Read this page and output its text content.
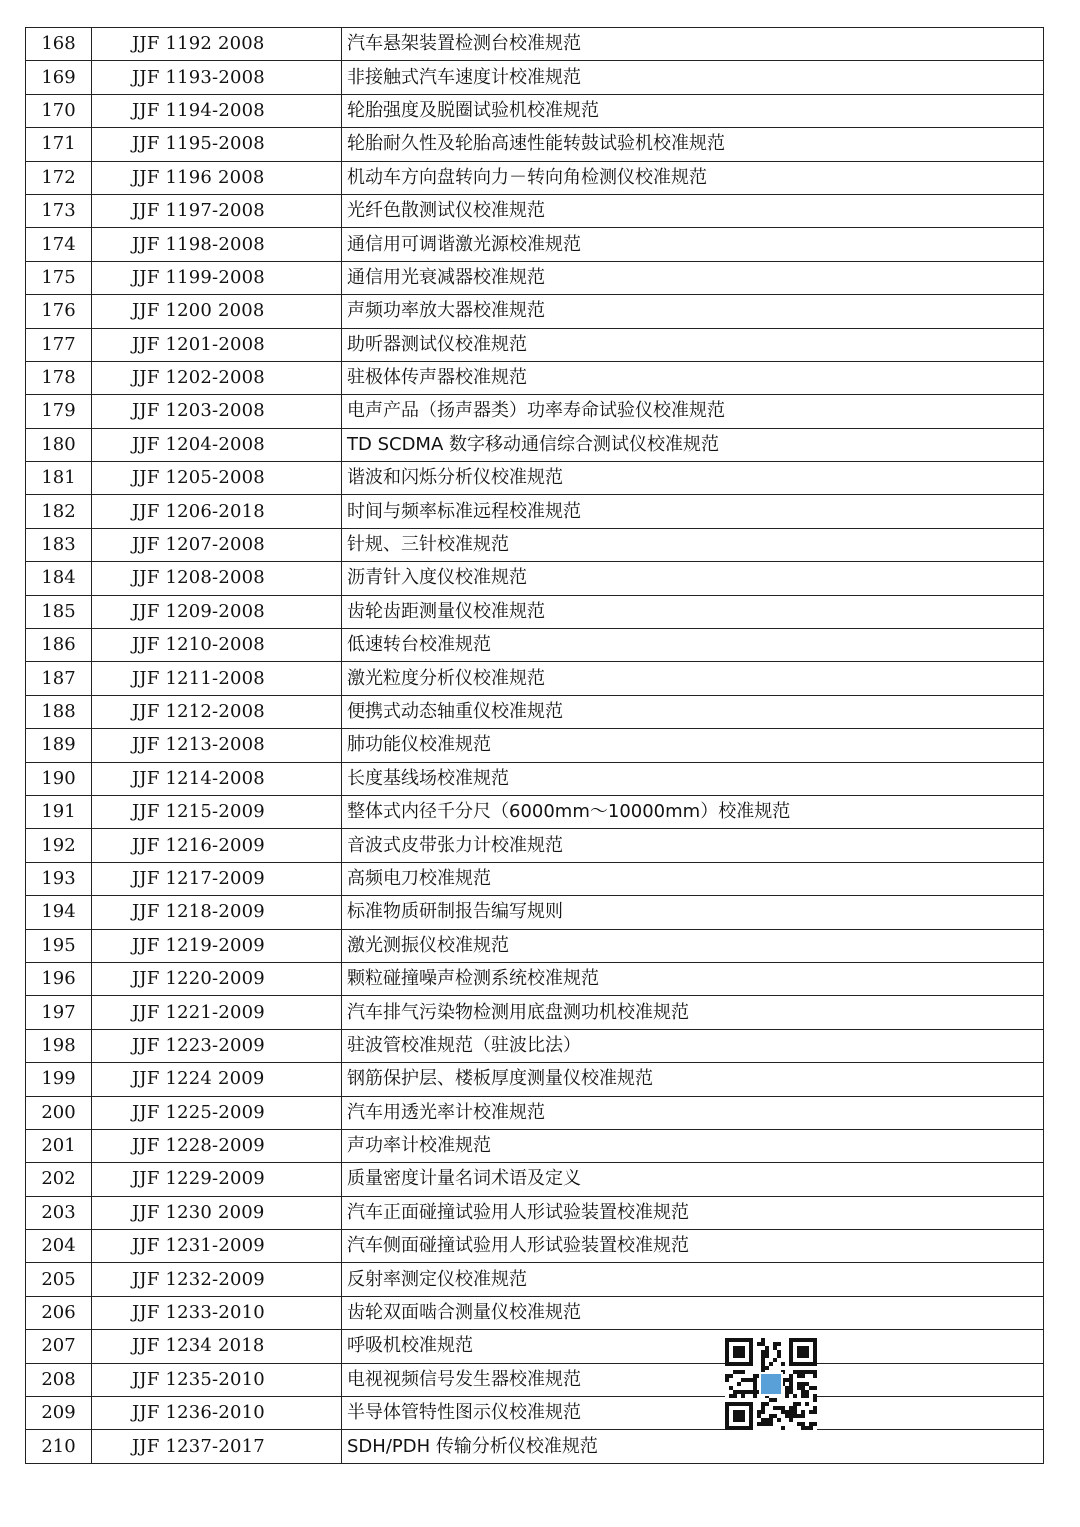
168	JJF 1192 2008	汽车悬架装置检测台校准规范
169	JJF 1193-2008	非接触式汽车速度计校准规范
170	JJF 1194-2008	轮胎强度及脱圈试验机校准规范
171	JJF 1195-2008	轮胎耐久性及轮胎高速性能转鼓试验机校准规范
172	JJF 1196 2008	机动车方向盘转向力－转向角检测仪校准规范
173	JJF 1197-2008	光纤色散测试仪校准规范
174	JJF 1198-2008	通信用可调谐激光源校准规范
175	JJF 1199-2008	通信用光衰减器校准规范
176	JJF 1200 2008	声频功率放大器校准规范
177	JJF 1201-2008	助听器测试仪校准规范
178	JJF 1202-2008	驻极体传声器校准规范
179	JJF 1203-2008	电声产品（扬声器类）功率寿命试验仪校准规范
180	JJF 1204-2008	TD SCDMA 数字移动通信综合测试仪校准规范
181	JJF 1205-2008	谐波和闪烁分析仪校准规范
182	JJF 1206-2018	时间与频率标准远程校准规范
183	JJF 1207-2008	针规、三针校准规范
184	JJF 1208-2008	沥青针入度仪校准规范
185	JJF 1209-2008	齿轮齿距测量仪校准规范
186	JJF 1210-2008	低速转台校准规范
187	JJF 1211-2008	激光粒度分析仪校准规范
188	JJF 1212-2008	便携式动态轴重仪校准规范
189	JJF 1213-2008	肺功能仪校准规范
190	JJF 1214-2008	长度基线场校准规范
191	JJF 1215-2009	整体式内径千分尺（6000mm～10000mm）校准规范
192	JJF 1216-2009	音波式皮带张力计校准规范
193	JJF 1217-2009	高频电刀校准规范
194	JJF 1218-2009	标准物质研制报告编写规则
195	JJF 1219-2009	激光测振仪校准规范
196	JJF 1220-2009	颗粒碰撞噪声检测系统校准规范
197	JJF 1221-2009	汽车排气污染物检测用底盘测功机校准规范
198	JJF 1223-2009	驻波管校准规范（驻波比法）
199	JJF 1224 2009	钢筋保护层、楼板厚度测量仪校准规范
200	JJF 1225-2009	汽车用透光率计校准规范
201	JJF 1228-2009	声功率计校准规范
202	JJF 1229-2009	质量密度计量名词术语及定义
203	JJF 1230 2009	汽车正面碰撞试验用人形试验装置校准规范
204	JJF 1231-2009	汽车侧面碰撞试验用人形试验装置校准规范
205	JJF 1232-2009	反射率测定仪校准规范
206	JJF 1233-2010	齿轮双面啮合测量仪校准规范
207	JJF 1234 2018	呼吸机校准规范
208	JJF 1235-2010	电视视频信号发生器校准规范
209	JJF 1236-2010	半导体管特性图示仪校准规范
210	JJF 1237-2017	SDH/PDH 传输分析仪校准规范
